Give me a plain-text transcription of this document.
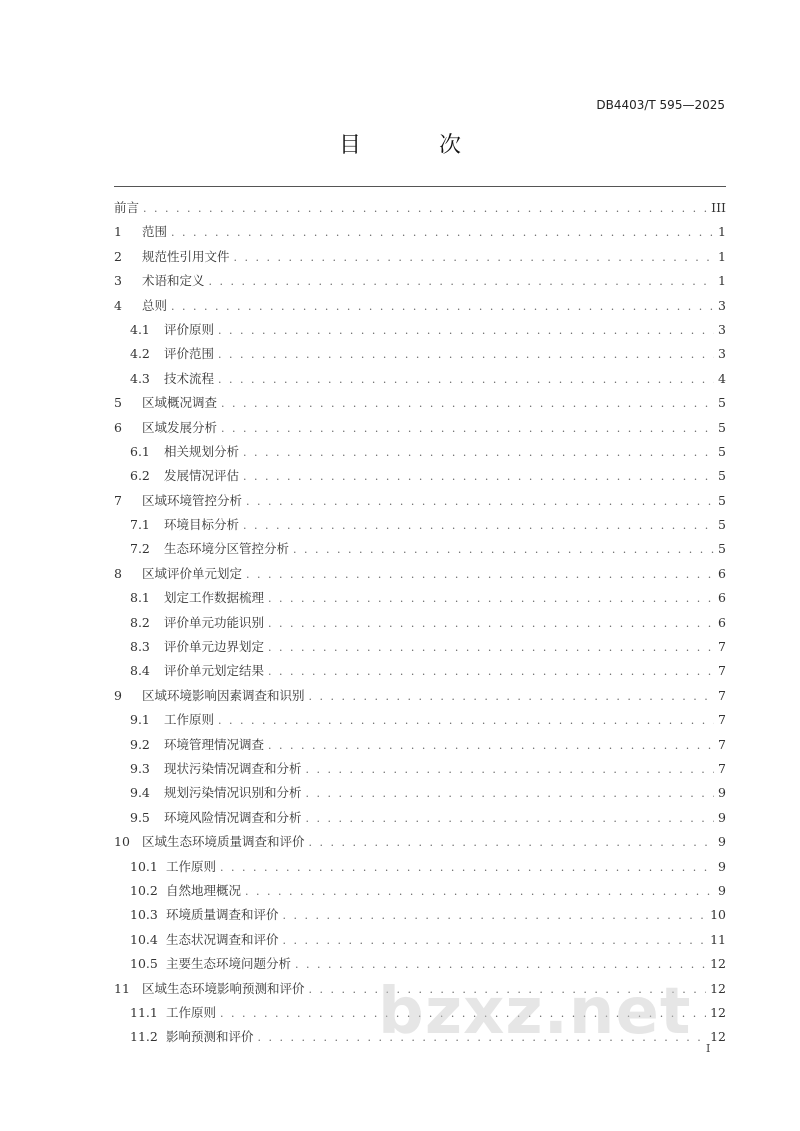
DB4403/T 595—2025
目　次
前言 . . .	III
1	范围 . . .	1
2	规范性引用文件 . . .	1
3	术语和定义 . . .	1
4	总则 . . .	3
4.1	评价原则 . . .	3
4.2	评价范围 . . .	3
4.3	技术流程 . . .	4
5	区域概况调查 . . .	5
6	区域发展分析 . . .	5
6.1	相关规划分析 . . .	5
6.2	发展情况评估 . . .	5
7	区域环境管控分析 . . .	5
7.1	环境目标分析 . . .	5
7.2	生态环境分区管控分析 . . .	5
8	区域评价单元划定 . . .	6
8.1	划定工作数据梳理 . . .	6
8.2	评价单元功能识别 . . .	6
8.3	评价单元边界划定 . . .	7
8.4	评价单元划定结果 . . .	7
9	区域环境影响因素调查和识别 . . .	7
9.1	工作原则 . . .	7
9.2	环境管理情况调查 . . .	7
9.3	现状污染情况调查和分析 . . .	7
9.4	规划污染情况识别和分析 . . .	9
9.5	环境风险情况调查和分析 . . .	9
10 区域生态环境质量调查和评价 . . .	9
10.1 工作原则 . . .	9
10.2 自然地理概况 . . .	9
10.3 环境质量调查和评价 . . .	10
10.4 生态状况调查和评价 . . .	11
10.5 主要生态环境问题分析 . . .	12
11 区域生态环境影响预测和评价 . . .	12
11.1 工作原则 . . .	12
11.2 影响预测和评价 . . .	12
I
bzxz.net
